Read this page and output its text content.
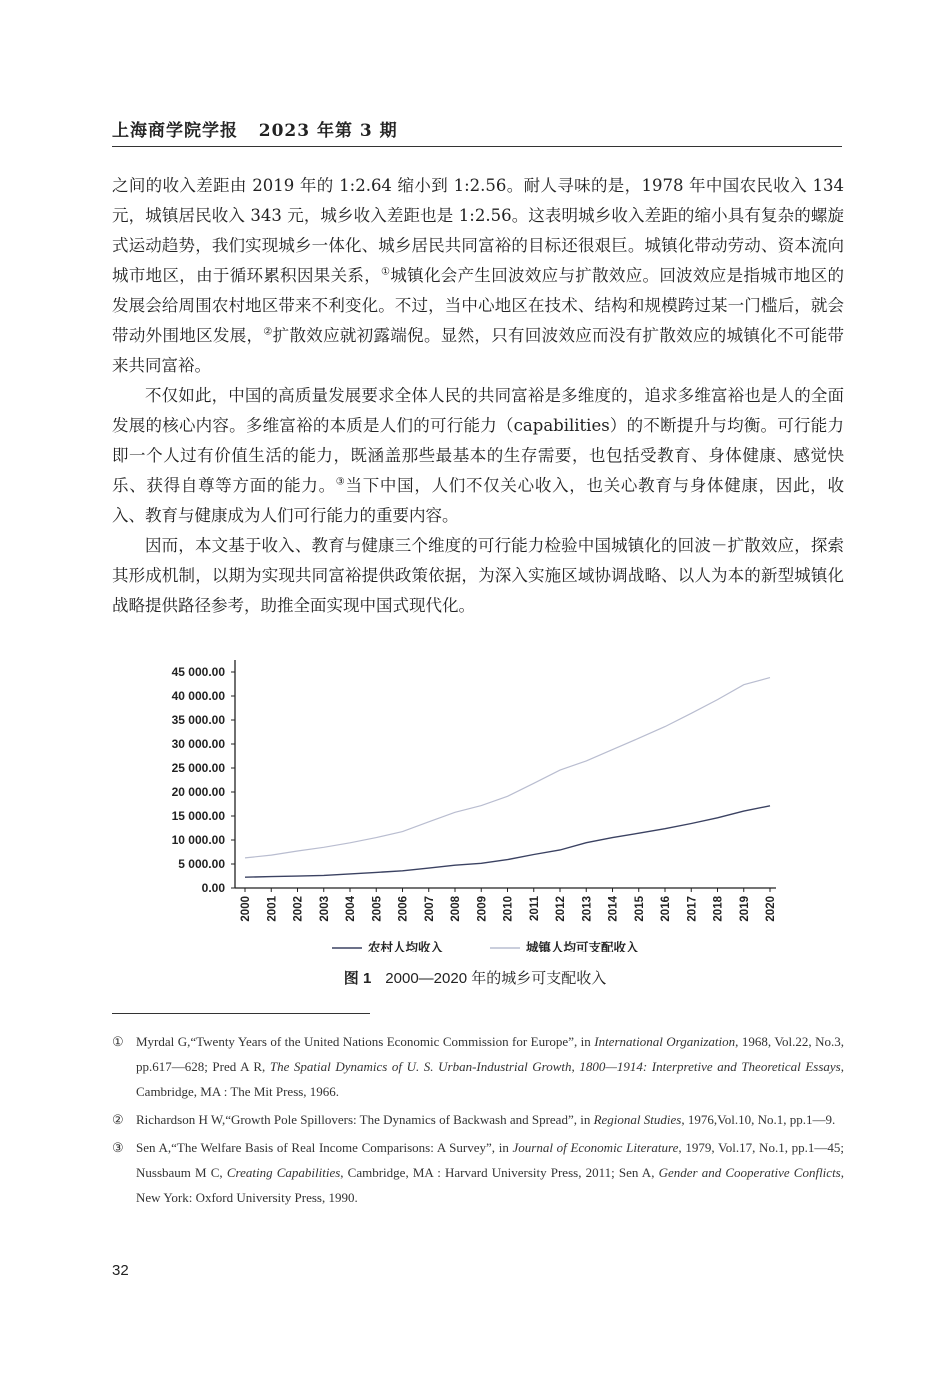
上海商学院学报 2023 年第 3 期

之间的收入差距由 2019 年的 1:2.64 缩小到 1:2.56。耐人寻味的是，1978 年中国农民收入 134 元，城镇居民收入 343 元，城乡收入差距也是 1:2.56。这表明城乡收入差距的缩小具有复杂的螺旋式运动趋势，我们实现城乡一体化、城乡居民共同富裕的目标还很艰巨。城镇化带动劳动、资本流向城市地区，由于循环累积因果关系，①城镇化会产生回波效应与扩散效应。回波效应是指城市地区的发展会给周围农村地区带来不利变化。不过，当中心地区在技术、结构和规模跨过某一门槛后，就会带动外围地区发展，②扩散效应就初露端倪。显然，只有回波效应而没有扩散效应的城镇化不可能带来共同富裕。

不仅如此，中国的高质量发展要求全体人民的共同富裕是多维度的，追求多维富裕也是人的全面发展的核心内容。多维富裕的本质是人们的可行能力（capabilities）的不断提升与均衡。可行能力即一个人过有价值生活的能力，既涵盖那些最基本的生存需要，也包括受教育、身体健康、感觉快乐、获得自尊等方面的能力。③当下中国，人们不仅关心收入，也关心教育与身体健康，因此，收入、教育与健康成为人们可行能力的重要内容。

因而，本文基于收入、教育与健康三个维度的可行能力检验中国城镇化的回波－扩散效应，探索其形成机制，以期为实现共同富裕提供政策依据，为深入实施区域协调战略、以人为本的新型城镇化战略提供路径参考，助推全面实现中国式现代化。

0.00
5 000.00
10 000.00
15 000.00
20 000.00
25 000.00
30 000.00
35 000.00
40 000.00
45 000.00
2000 2001 2002 2003 2004 2005 2006 2007 2008 2009 2010 2011 2012 2013 2014 2015 2016 2017 2018 2019 2020
农村人均收入	城镇人均可支配收入
图 1 2000—2020 年的城乡可支配收入
① Myrdal G,“Twenty Years of the United Nations Economic Commission for Europe”, in International Organization, 1968, Vol.22, No.3, pp.617—628; Pred A R, The Spatial Dynamics of U. S. Urban-Industrial Growth, 1800—1914: Interpretive and Theoretical Essays, Cambridge, MA : The Mit Press, 1966.
② Richardson H W,“Growth Pole Spillovers: The Dynamics of Backwash and Spread”, in Regional Studies, 1976,Vol.10, No.1, pp.1—9.
③ Sen A,“The Welfare Basis of Real Income Comparisons: A Survey”, in Journal of Economic Literature, 1979, Vol.17, No.1, pp.1—45; Nussbaum M C, Creating Capabilities, Cambridge, MA : Harvard University Press, 2011; Sen A, Gender and Cooperative Conflicts, New York: Oxford University Press, 1990.
32
